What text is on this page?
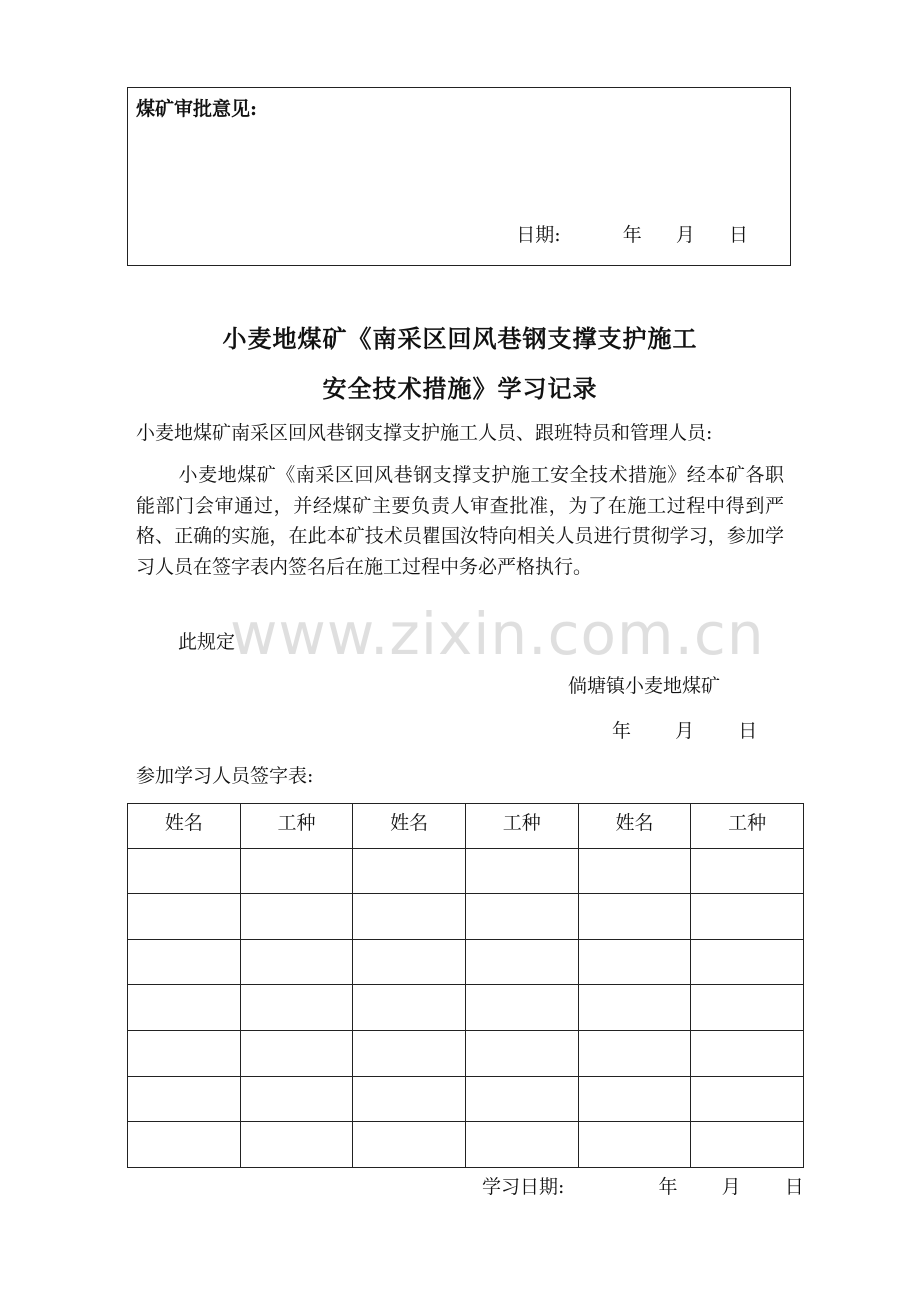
煤矿审批意见:
日期:	年 月 日
小麦地煤矿《南采区回风巷钢支撑支护施工
安全技术措施》学习记录
小麦地煤矿南采区回风巷钢支撑支护施工人员、跟班特员和管理人员:
小麦地煤矿《南采区回风巷钢支撑支护施工安全技术措施》经本矿各职能部门会审通过，并经煤矿主要负责人审查批准，为了在施工过程中得到严格、正确的实施，在此本矿技术员瞿国汝特向相关人员进行贯彻学习，参加学习人员在签字表内签名后在施工过程中务必严格执行。
此规定
www.zixin.com.cn
倘塘镇小麦地煤矿
年 月 日
参加学习人员签字表:
姓名	工种	姓名	工种	姓名	工种

学习日期:	年 月 日
